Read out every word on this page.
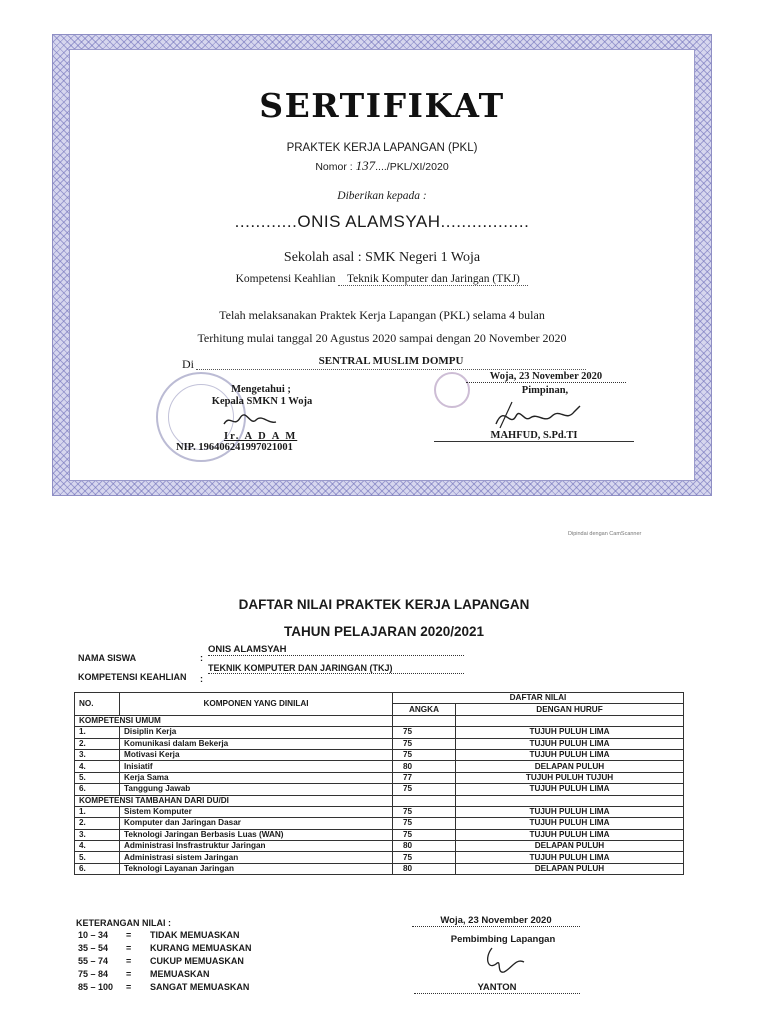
SERTIFIKAT
PRAKTEK KERJA LAPANGAN (PKL)
Nomor : 137..../PKL/XI/2020
Diberikan kepada :
............ONIS ALAMSYAH.................
Sekolah asal : SMK Negeri 1 Woja
Kompetensi Keahlian Teknik Komputer dan Jaringan (TKJ)
Telah melaksanakan Praktek Kerja Lapangan (PKL) selama 4 bulan
Terhitung mulai tanggal 20 Agustus 2020 sampai dengan 20 November 2020
Di	SENTRAL MUSLIM DOMPU
Mengetahui ;
Kepala SMKN 1 Woja
Ir. A D A M
NIP. 196406241997021001
Woja, 23 November 2020
Pimpinan,
MAHFUD, S.Pd.TI
Dipindai dengan CamScanner
DAFTAR NILAI PRAKTEK KERJA LAPANGAN
TAHUN PELAJARAN 2020/2021
NAMA SISWA	:
ONIS ALAMSYAH
KOMPETENSI KEAHLIAN :
TEKNIK KOMPUTER DAN JARINGAN (TKJ)
NO.	KOMPONEN YANG DINILAI	DAFTAR NILAI	
		ANGKA	DENGAN HURUF
KOMPETENSI UMUM			
1.	Disiplin Kerja	75	TUJUH PULUH LIMA
2.	Komunikasi dalam Bekerja	75	TUJUH PULUH LIMA
3.	Motivasi Kerja	75	TUJUH PULUH LIMA
4.	Inisiatif	80	DELAPAN PULUH
5.	Kerja Sama	77	TUJUH PULUH TUJUH
6.	Tanggung Jawab	75	TUJUH PULUH LIMA
KOMPETENSI TAMBAHAN DARI DU/DI			
1.	Sistem Komputer	75	TUJUH PULUH LIMA
2.	Komputer dan Jaringan Dasar	75	TUJUH PULUH LIMA
3.	Teknologi Jaringan Berbasis Luas (WAN)	75	TUJUH PULUH LIMA
4.	Administrasi Insfrastruktur Jaringan	80	DELAPAN PULUH
5.	Administrasi sistem Jaringan	75	TUJUH PULUH LIMA
6.	Teknologi Layanan Jaringan	80	DELAPAN PULUH
KETERANGAN NILAI :
10 – 34 = TIDAK MEMUASKAN
35 – 54 = KURANG MEMUASKAN
55 – 74 = CUKUP MEMUASKAN
75 – 84 = MEMUASKAN
85 – 100 = SANGAT MEMUASKAN
Woja, 23 November 2020
Pembimbing Lapangan
YANTON
